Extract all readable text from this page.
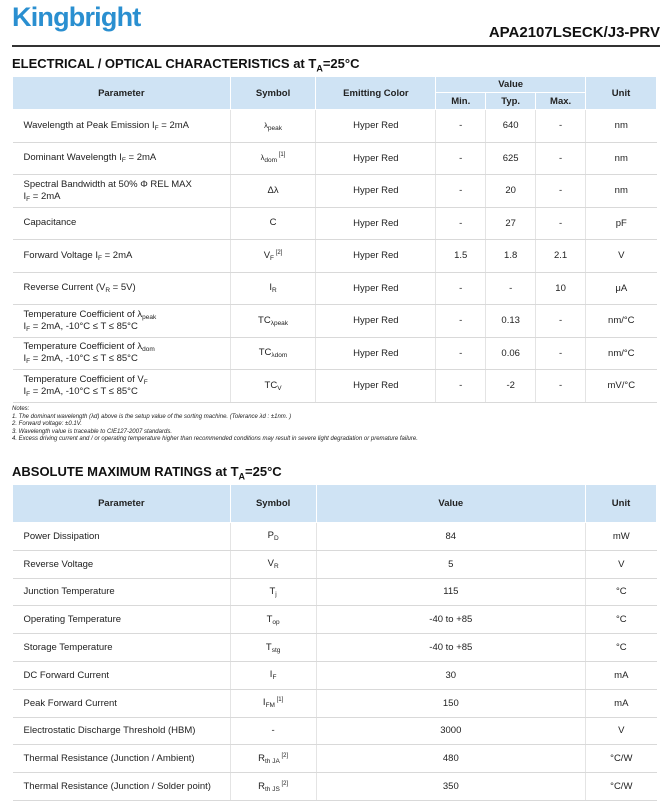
Kingbright
APA2107LSECK/J3-PRV
ELECTRICAL / OPTICAL CHARACTERISTICS at $T_A=25^\circ C$
Parameter	Symbol	Emitting Color	Value			Unit
			Min.	Typ.	Max.	

Wavelength at Peak Emission $I_F = 2mA$	$\lambda_{peak}$	Hyper Red	-	640	-	nm

Dominant Wavelength $I_F = 2mA$	$\lambda_{dom}$ [1]	Hyper Red	-	625	-	nm

Spectral Bandwidth at 50% Φ REL MAX
$I_F = 2mA$	Δλ	Hyper Red	-	20	-	nm

Capacitance	C	Hyper Red	-	27	-	pF

Forward Voltage $I_F = 2mA$	$V_F$ [2]	Hyper Red	1.5	1.8	2.1	V

Reverse Current $(V_R = 5V)$	$I_R$	Hyper Red	-	-	10	μA

Temperature Coefficient of $\lambda_{peak}$
$I_F = 2mA$, -10°C ≤ T ≤ 85°C	$TC_{\lambda peak}$	Hyper Red	-	0.13	-	nm/°C

Temperature Coefficient of $\lambda_{dom}$
$I_F = 2mA$, -10°C ≤ T ≤ 85°C	$TC_{\lambda dom}$	Hyper Red	-	0.06	-	nm/°C

Temperature Coefficient of $V_F$
$I_F = 2mA$, -10°C ≤ T ≤ 85°C	$TC_V$	Hyper Red	-	-2	-	mV/°C
Notes:
1. The dominant wavelength (λd) above is the setup value of the sorting machine. (Tolerance λd : ±1nm. )
2. Forward voltage: ±0.1V.
3. Wavelength value is traceable to CIE127-2007 standards.
4. Excess driving current and / or operating temperature higher than recommended conditions may result in severe light degradation or premature failure.
ABSOLUTE MAXIMUM RATINGS at $T_A=25^\circ C$
Parameter	Symbol	Value	Unit
Power Dissipation	$P_D$	84	mW
Reverse Voltage	$V_R$	5	V
Junction Temperature	$T_j$	115	°C
Operating Temperature	$T_{op}$	-40 to +85	°C
Storage Temperature	$T_{stg}$	-40 to +85	°C
DC Forward Current	$I_F$	30	mA
Peak Forward Current	$I_{FM}$ [1]	150	mA
Electrostatic Discharge Threshold (HBM)	-	3000	V
Thermal Resistance (Junction / Ambient)	$R_{th JA}$ [2]	480	°C/W
Thermal Resistance (Junction / Solder point)	$R_{th JS}$ [2]	350	°C/W
